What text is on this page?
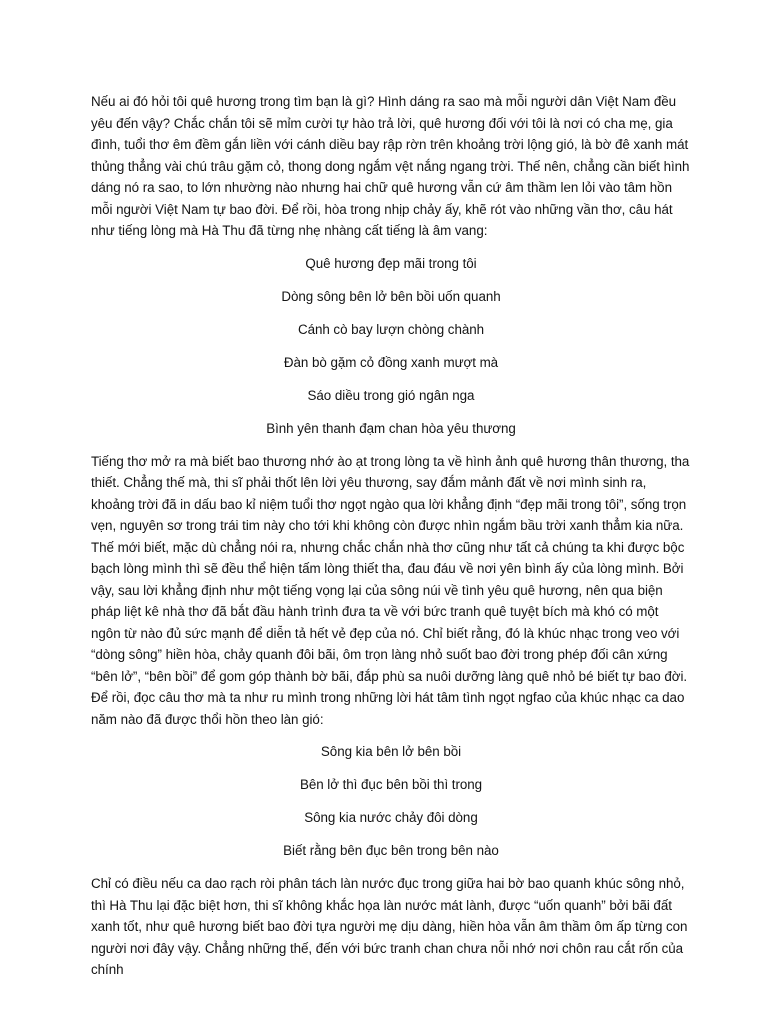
Nếu ai đó hỏi tôi quê hương trong tìm bạn là gì? Hình dáng ra sao mà mỗi người dân Việt Nam đều yêu đến vậy? Chắc chắn tôi sẽ mỉm cười tự hào trả lời, quê hương đối với tôi là nơi có cha mẹ, gia đình, tuổi thơ êm đềm gắn liền với cánh diều bay rập rờn trên khoảng trời lộng gió, là bờ đê xanh mát thủng thẳng vài chú trâu gặm cỏ, thong dong ngắm vệt nắng ngang trời. Thế nên, chẳng cần biết hình dáng nó ra sao, to lớn nhường nào nhưng hai chữ quê hương vẫn cứ âm thầm len lỏi vào tâm hồn mỗi người Việt Nam tự bao đời. Để rồi, hòa trong nhịp chảy ấy, khẽ rót vào những vần thơ, câu hát như tiếng lòng mà Hà Thu đã từng nhẹ nhàng cất tiếng là âm vang:

Quê hương đẹp mãi trong tôi
Dòng sông bên lở bên bồi uốn quanh
Cánh cò bay lượn chòng chành
Đàn bò gặm cỏ đồng xanh mượt mà
Sáo diều trong gió ngân nga
Bình yên thanh đạm chan hòa yêu thương

Tiếng thơ mở ra mà biết bao thương nhớ ào ạt trong lòng ta về hình ảnh quê hương thân thương, tha thiết. Chẳng thế mà, thi sĩ phải thốt lên lời yêu thương, say đắm mảnh đất về nơi mình sinh ra, khoảng trời đã in dấu bao kỉ niệm tuổi thơ ngọt ngào qua lời khẳng định “đẹp mãi trong tôi”, sống trọn vẹn, nguyên sơ trong trái tim này cho tới khi không còn được nhìn ngắm bầu trời xanh thẳm kia nữa. Thế mới biết, mặc dù chẳng nói ra, nhưng chắc chắn nhà thơ cũng như tất cả chúng ta khi được bộc bạch lòng mình thì sẽ đều thể hiện tấm lòng thiết tha, đau đáu về nơi yên bình ấy của lòng mình. Bởi vậy, sau lời khẳng định như một tiếng vọng lại của sông núi về tình yêu quê hương, nên qua biện pháp liệt kê nhà thơ đã bắt đầu hành trình đưa ta về với bức tranh quê tuyệt bích mà khó có một ngôn từ nào đủ sức mạnh để diễn tả hết vẻ đẹp của nó. Chỉ biết rằng, đó là khúc nhạc trong veo với “dòng sông” hiền hòa, chảy quanh đôi bãi, ôm trọn làng nhỏ suốt bao đời trong phép đối cân xứng “bên lở”, “bên bồi” để gom góp thành bờ bãi, đắp phù sa nuôi dưỡng làng quê nhỏ bé biết tự bao đời. Để rồi, đọc câu thơ mà ta như ru mình trong những lời hát tâm tình ngọt ngfao của khúc nhạc ca dao năm nào đã được thổi hồn theo làn gió:

Sông kia bên lở bên bồi
Bên lở thì đục bên bồi thì trong
Sông kia nước chảy đôi dòng
Biết rằng bên đục bên trong bên nào

Chỉ có điều nếu ca dao rạch ròi phân tách làn nước đục trong giữa hai bờ bao quanh khúc sông nhỏ, thì Hà Thu lại đặc biệt hơn, thi sĩ không khắc họa làn nước mát lành, được “uốn quanh” bởi bãi đất xanh tốt, như quê hương biết bao đời tựa người mẹ dịu dàng, hiền hòa vẫn âm thầm ôm ấp từng con người nơi đây vậy. Chẳng những thế, đến với bức tranh chan chưa nỗi nhớ nơi chôn rau cắt rốn của chính
